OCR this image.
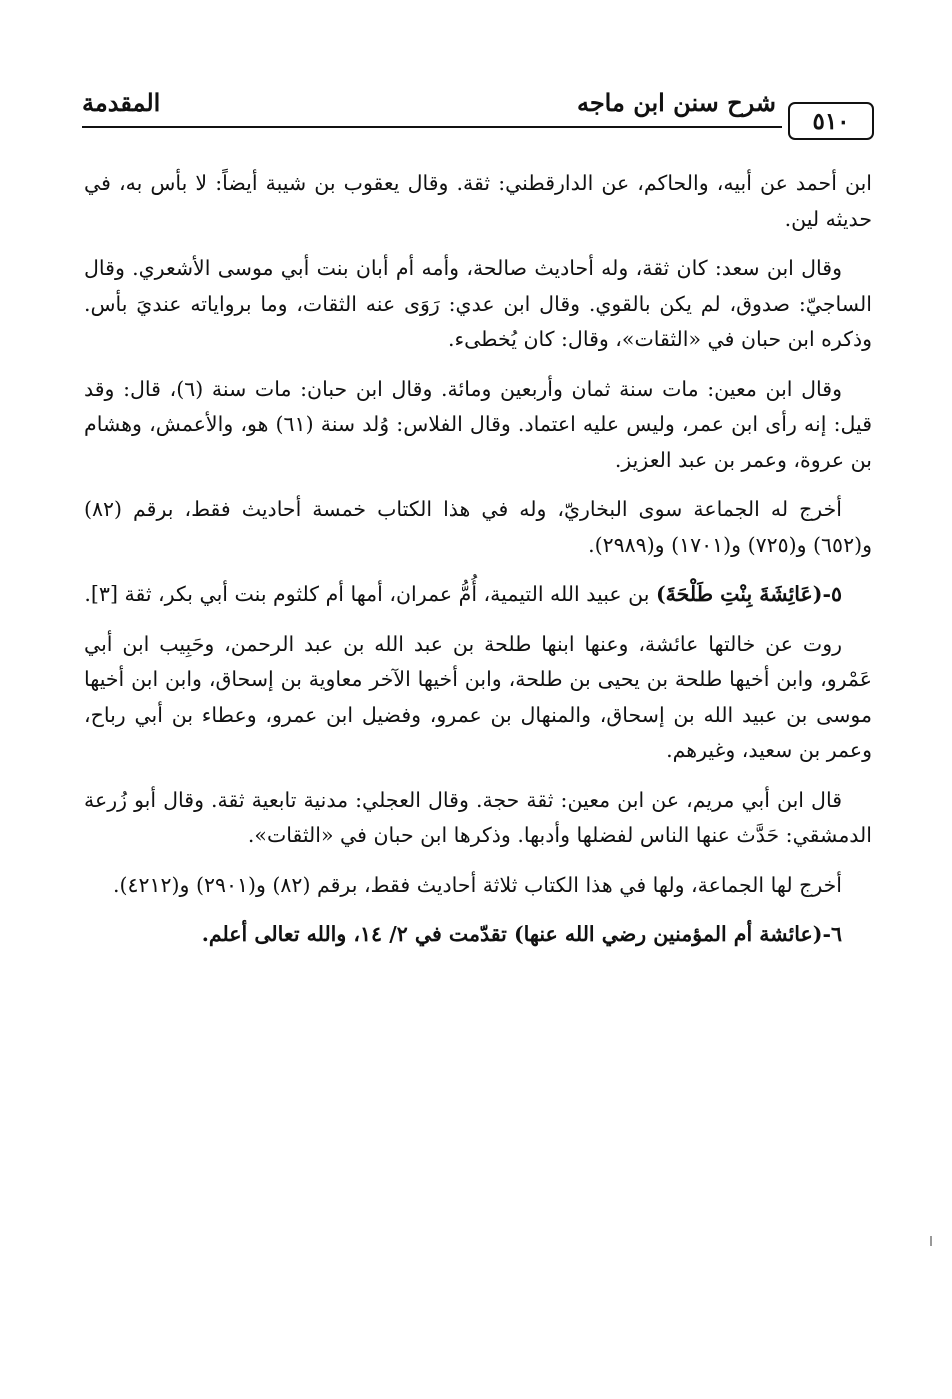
المقدمة	شرح سنن ابن ماجه
٥١٠

ابن أحمد عن أبيه، والحاكم، عن الدارقطني: ثقة. وقال يعقوب بن شيبة أيضاً: لا بأس به، في حديثه لين.

وقال ابن سعد: كان ثقة، وله أحاديث صالحة، وأمه أم أبان بنت أبي موسى الأشعري. وقال الساجيّ: صدوق، لم يكن بالقوي. وقال ابن عدي: رَوَى عنه الثقات، وما برواياته عنديَ بأس. وذكره ابن حبان في «الثقات»، وقال: كان يُخطىء.

وقال ابن معين: مات سنة ثمان وأربعين ومائة. وقال ابن حبان: مات سنة (٦)، قال: وقد قيل: إنه رأى ابن عمر، وليس عليه اعتماد. وقال الفلاس: وُلد سنة (٦١) هو، والأعمش، وهشام بن عروة، وعمر بن عبد العزيز.

أخرج له الجماعة سوى البخاريّ، وله في هذا الكتاب خمسة أحاديث فقط، برقم (٨٢) و(٦٥٢) و(٧٢٥) و(١٧٠١) و(٢٩٨٩).

٥-(عَائِشَةَ بِنْتِ طَلْحَةَ) بن عبيد الله التيمية، أُمُّ عمران، أمها أم كلثوم بنت أبي بكر، ثقة [٣].

روت عن خالتها عائشة، وعنها ابنها طلحة بن عبد الله بن عبد الرحمن، وحَبِيب ابن أبي عَمْرو، وابن أخيها طلحة بن يحيى بن طلحة، وابن أخيها الآخر معاوية بن إسحاق، وابن ابن أخيها موسى بن عبيد الله بن إسحاق، والمنهال بن عمرو، وفضيل ابن عمرو، وعطاء بن أبي رباح، وعمر بن سعيد، وغيرهم.

قال ابن أبي مريم، عن ابن معين: ثقة حجة. وقال العجلي: مدنية تابعية ثقة. وقال أبو زُرعة الدمشقي: حَدَّث عنها الناس لفضلها وأدبها. وذكرها ابن حبان في «الثقات».

أخرج لها الجماعة، ولها في هذا الكتاب ثلاثة أحاديث فقط، برقم (٨٢) و(٢٩٠١) و(٤٢١٢).

٦-(عائشة أم المؤمنين رضي الله عنها) تقدّمت في ٢/ ١٤، والله تعالى أعلم.
